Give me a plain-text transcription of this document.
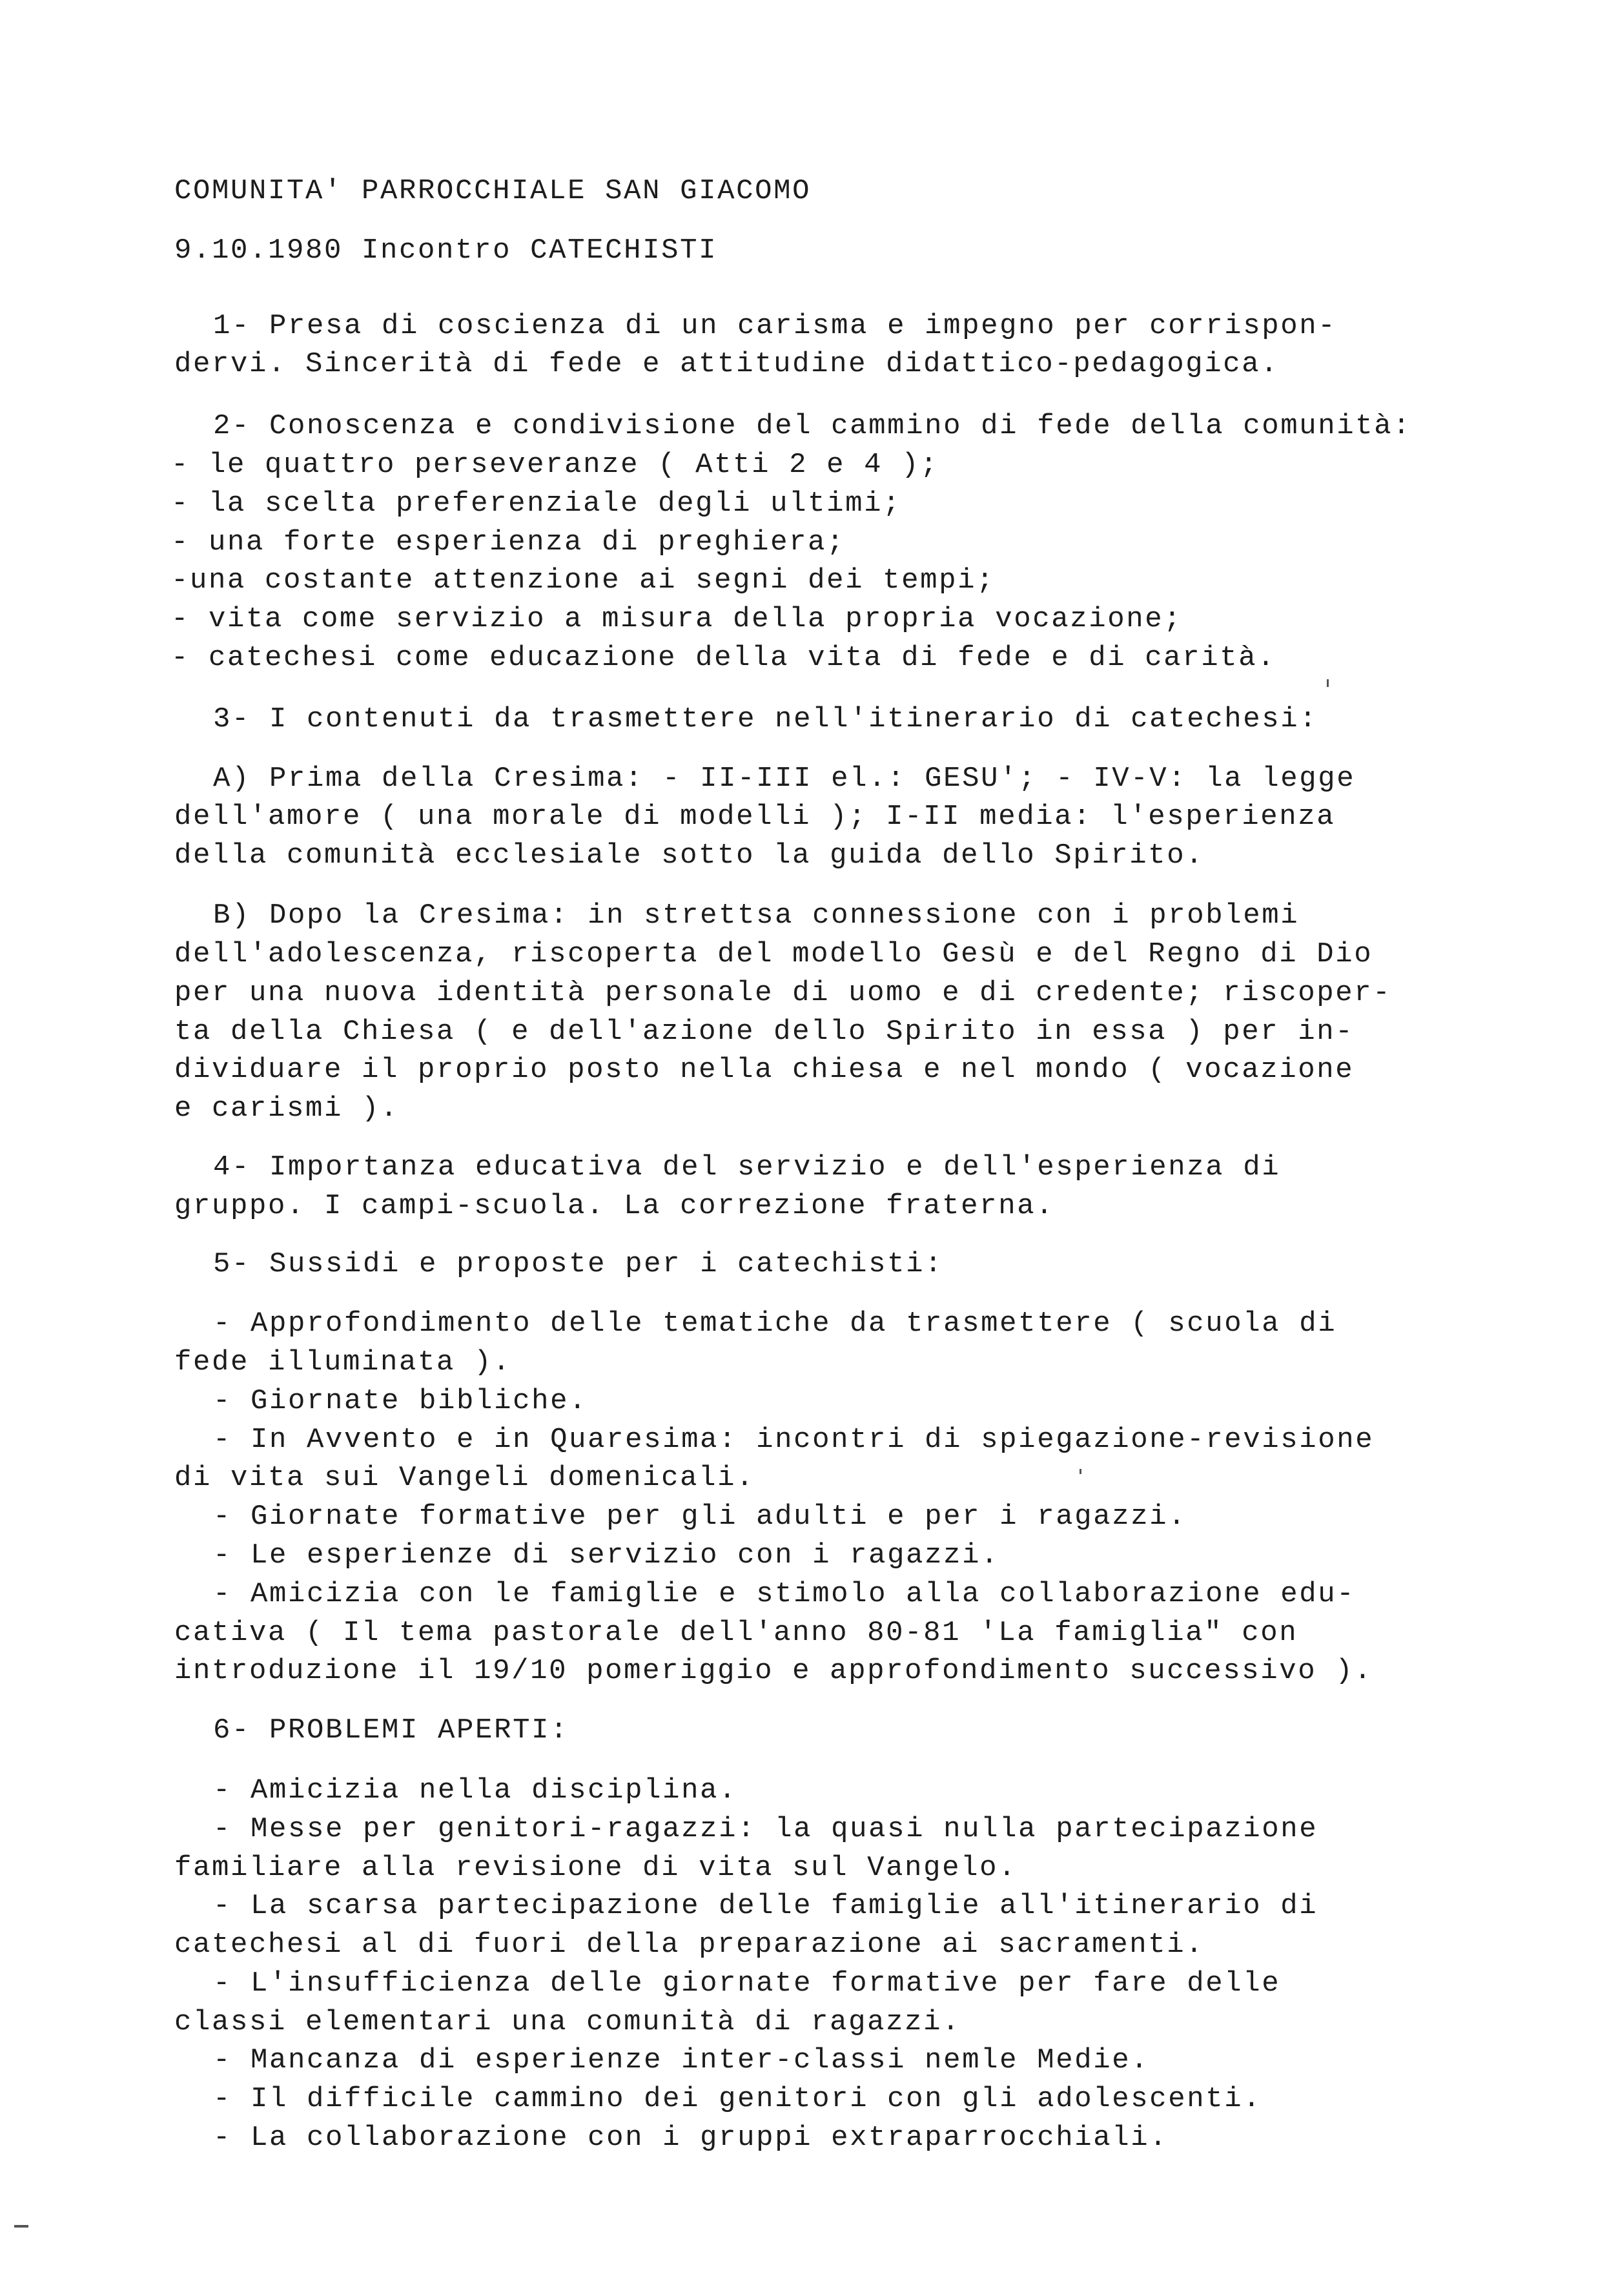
COMUNITA' PARROCCHIALE SAN GIACOMO
9.10.1980 Incontro CATECHISTI
1- Presa di coscienza di un carisma e impegno per corrispon-
dervi. Sincerità di fede e attitudine didattico-pedagogica.
2- Conoscenza e condivisione del cammino di fede della comunità:
- le quattro perseveranze ( Atti 2 e 4 );
- la scelta preferenziale degli ultimi;
- una forte esperienza di preghiera;
-una costante attenzione ai segni dei tempi;
- vita come servizio a misura della propria vocazione;
- catechesi come educazione della vita di fede e di carità.
3- I contenuti da trasmettere nell'itinerario di catechesi:
A) Prima della Cresima: - II-III el.: GESU'; - IV-V: la legge
dell'amore ( una morale di modelli ); I-II media: l'esperienza
della comunità ecclesiale sotto la guida dello Spirito.
B) Dopo la Cresima: in strettsa connessione con i problemi
dell'adolescenza, riscoperta del modello Gesù e del Regno di Dio
per una nuova identità personale di uomo e di credente; riscoper-
ta della Chiesa ( e dell'azione dello Spirito in essa ) per in-
dividuare il proprio posto nella chiesa e nel mondo ( vocazione
e carismi ).
4- Importanza educativa del servizio e dell'esperienza di
gruppo. I campi-scuola. La correzione fraterna.
5- Sussidi e proposte per i catechisti:
- Approfondimento delle tematiche da trasmettere ( scuola di
fede illuminata ).
- Giornate bibliche.
- In Avvento e in Quaresima: incontri di spiegazione-revisione
di vita sui Vangeli domenicali.
- Giornate formative per gli adulti e per i ragazzi.
- Le esperienze di servizio con i ragazzi.
- Amicizia con le famiglie e stimolo alla collaborazione edu-
cativa ( Il tema pastorale dell'anno 80-81 'La famiglia" con
introduzione il 19/10 pomeriggio e approfondimento successivo ).
6- PROBLEMI APERTI:
- Amicizia nella disciplina.
- Messe per genitori-ragazzi: la quasi nulla partecipazione
familiare alla revisione di vita sul Vangelo.
- La scarsa partecipazione delle famiglie all'itinerario di
catechesi al di fuori della preparazione ai sacramenti.
- L'insufficienza delle giornate formative per fare delle
classi elementari una comunità di ragazzi.
- Mancanza di esperienze inter-classi nemle Medie.
- Il difficile cammino dei genitori con gli adolescenti.
- La collaborazione con i gruppi extraparrocchiali.
